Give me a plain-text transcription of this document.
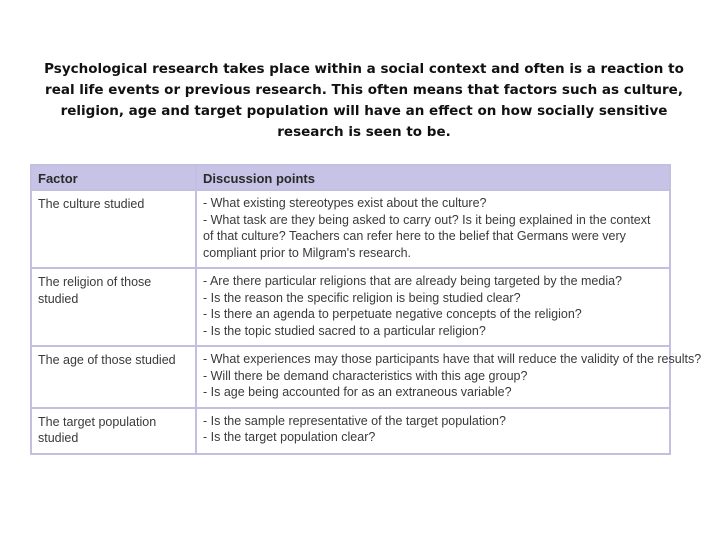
Psychological research takes place within a social context and often is a reaction to real life events or previous research. This often means that factors such as culture, religion, age and target population will have an effect on how socially sensitive research is seen to be.

Factor	Discussion points
The culture studied	- What existing stereotypes exist about the culture?
- What task are they being asked to carry out? Is it being explained in the context of that culture? Teachers can refer here to the belief that Germans were very compliant prior to Milgram's research.

The religion of those studied	- Are there particular religions that are already being targeted by the media?
- Is the reason the specific religion is being studied clear?
- Is there an agenda to perpetuate negative concepts of the religion?
- Is the topic studied sacred to a particular religion?

The age of those studied	- What experiences may those participants have that will reduce the validity of the results?
- Will there be demand characteristics with this age group?
- Is age being accounted for as an extraneous variable?

The target population studied	- Is the sample representative of the target population?
- Is the target population clear?
